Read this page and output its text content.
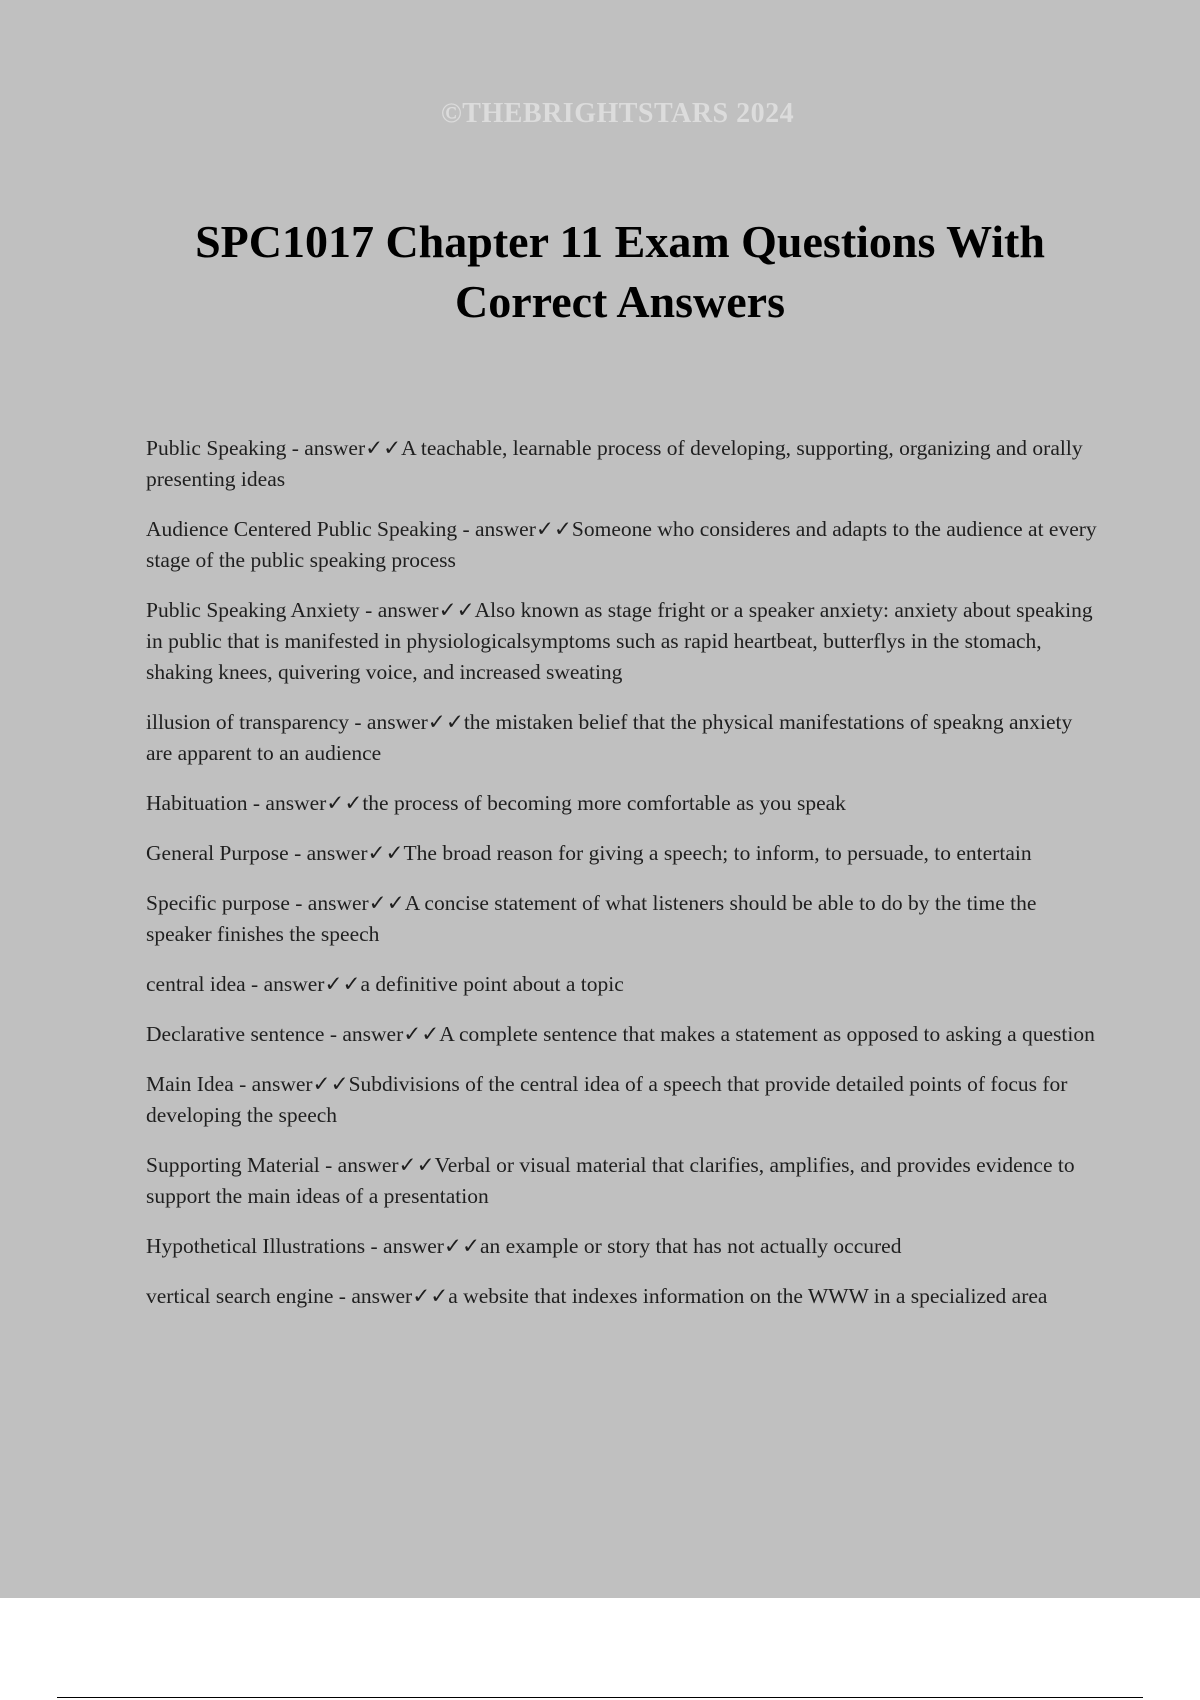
©THEBRIGHTSTARS 2024
SPC1017 Chapter 11 Exam Questions With Correct Answers
Public Speaking - answer✓✓A teachable, learnable process of developing, supporting, organizing and orally presenting ideas
Audience Centered Public Speaking - answer✓✓Someone who consideres and adapts to the audience at every stage of the public speaking process
Public Speaking Anxiety - answer✓✓Also known as stage fright or a speaker anxiety: anxiety about speaking in public that is manifested in physiologicalsymptoms such as rapid heartbeat, butterflys in the stomach, shaking knees, quivering voice, and increased sweating
illusion of transparency - answer✓✓the mistaken belief that the physical manifestations of speakng anxiety are apparent to an audience
Habituation - answer✓✓the process of becoming more comfortable as you speak
General Purpose - answer✓✓The broad reason for giving a speech; to inform, to persuade, to entertain
Specific purpose - answer✓✓A concise statement of what listeners should be able to do by the time the speaker finishes the speech
central idea - answer✓✓a definitive point about a topic
Declarative sentence - answer✓✓A complete sentence that makes a statement as opposed to asking a question
Main Idea - answer✓✓Subdivisions of the central idea of a speech that provide detailed points of focus for developing the speech
Supporting Material - answer✓✓Verbal or visual material that clarifies, amplifies, and provides evidence to support the main ideas of a presentation
Hypothetical Illustrations - answer✓✓an example or story that has not actually occured
vertical search engine - answer✓✓a website that indexes information on the WWW in a specialized area
